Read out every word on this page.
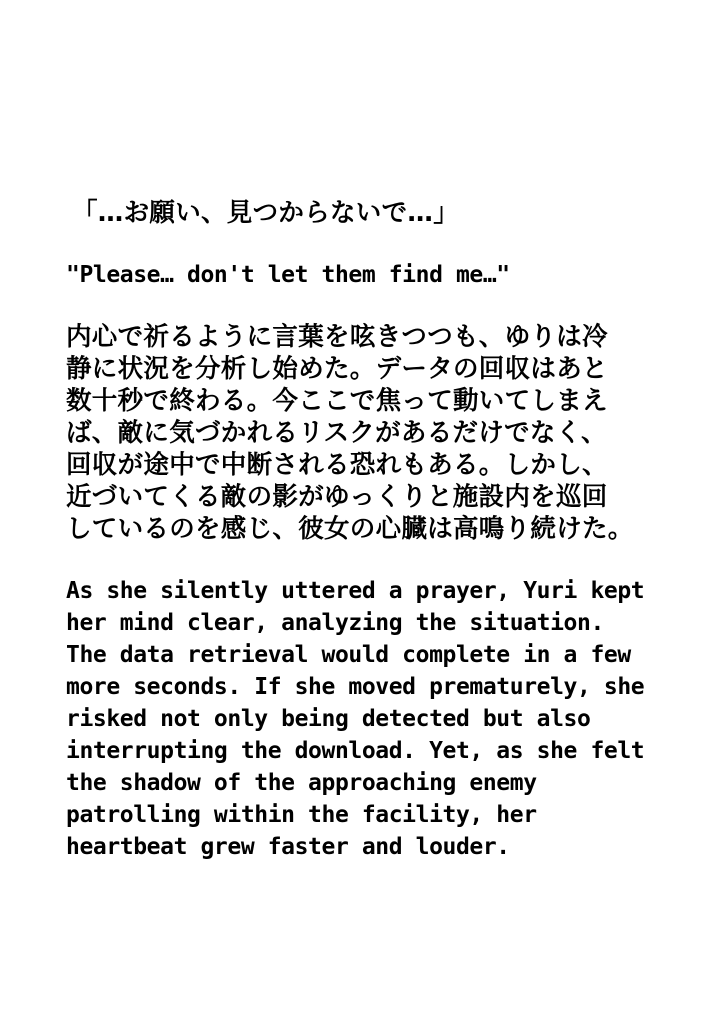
「…お願い、見つからないで…」
"Please… don't let them find me…"
内心で祈るように言葉を呟きつつも、ゆりは冷
静に状況を分析し始めた。データの回収はあと
数十秒で終わる。今ここで焦って動いてしまえ
ば、敵に気づかれるリスクがあるだけでなく、
回収が途中で中断される恐れもある。しかし、
近づいてくる敵の影がゆっくりと施設内を巡回
しているのを感じ、彼女の心臓は高鳴り続けた。
As she silently uttered a prayer, Yuri kept
her mind clear, analyzing the situation.
The data retrieval would complete in a few
more seconds. If she moved prematurely, she
risked not only being detected but also
interrupting the download. Yet, as she felt
the shadow of the approaching enemy
patrolling within the facility, her
heartbeat grew faster and louder.
